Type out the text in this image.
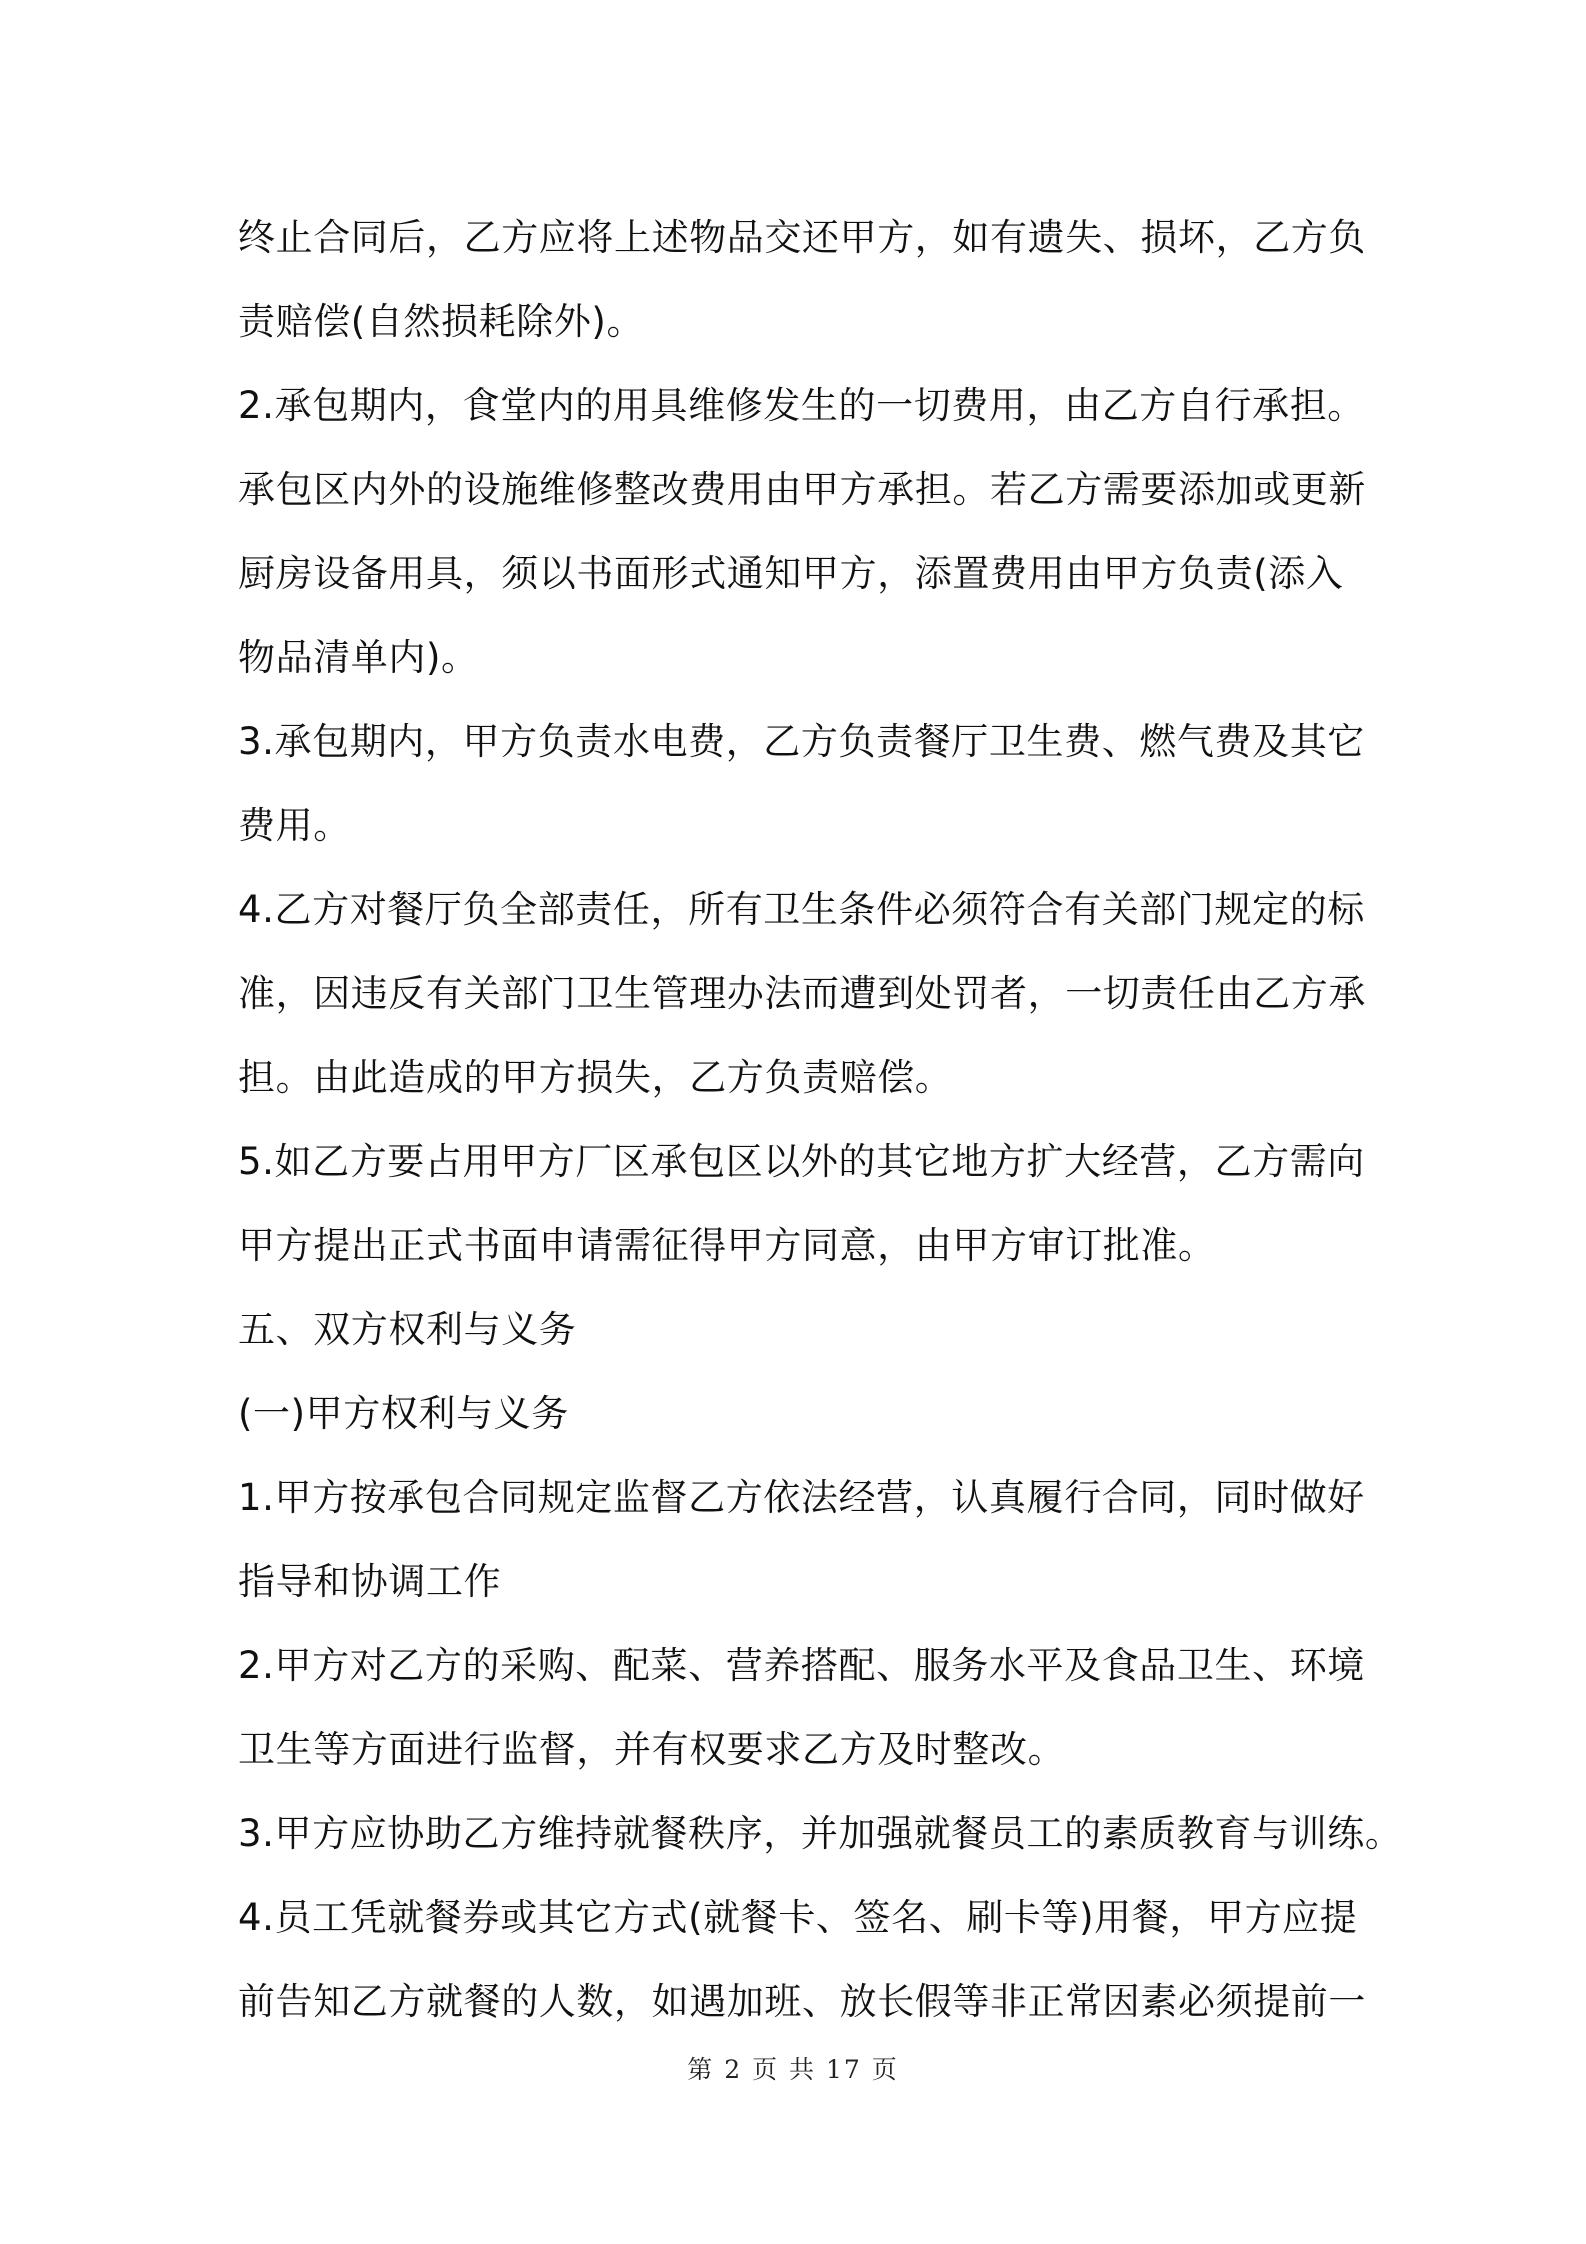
终止合同后，乙方应将上述物品交还甲方，如有遗失、损坏，乙方负
责赔偿(自然损耗除外)。
2.承包期内，食堂内的用具维修发生的一切费用，由乙方自行承担。
承包区内外的设施维修整改费用由甲方承担。若乙方需要添加或更新
厨房设备用具，须以书面形式通知甲方，添置费用由甲方负责(添入
物品清单内)。
3.承包期内，甲方负责水电费，乙方负责餐厅卫生费、燃气费及其它
费用。
4.乙方对餐厅负全部责任，所有卫生条件必须符合有关部门规定的标
准，因违反有关部门卫生管理办法而遭到处罚者，一切责任由乙方承
担。由此造成的甲方损失，乙方负责赔偿。
5.如乙方要占用甲方厂区承包区以外的其它地方扩大经营，乙方需向
甲方提出正式书面申请需征得甲方同意，由甲方审订批准。
五、双方权利与义务
(一)甲方权利与义务
1.甲方按承包合同规定监督乙方依法经营，认真履行合同，同时做好
指导和协调工作
2.甲方对乙方的采购、配菜、营养搭配、服务水平及食品卫生、环境
卫生等方面进行监督，并有权要求乙方及时整改。
3.甲方应协助乙方维持就餐秩序，并加强就餐员工的素质教育与训练。
4.员工凭就餐券或其它方式(就餐卡、签名、刷卡等)用餐，甲方应提
前告知乙方就餐的人数，如遇加班、放长假等非正常因素必须提前一
第 2 页 共 17 页
